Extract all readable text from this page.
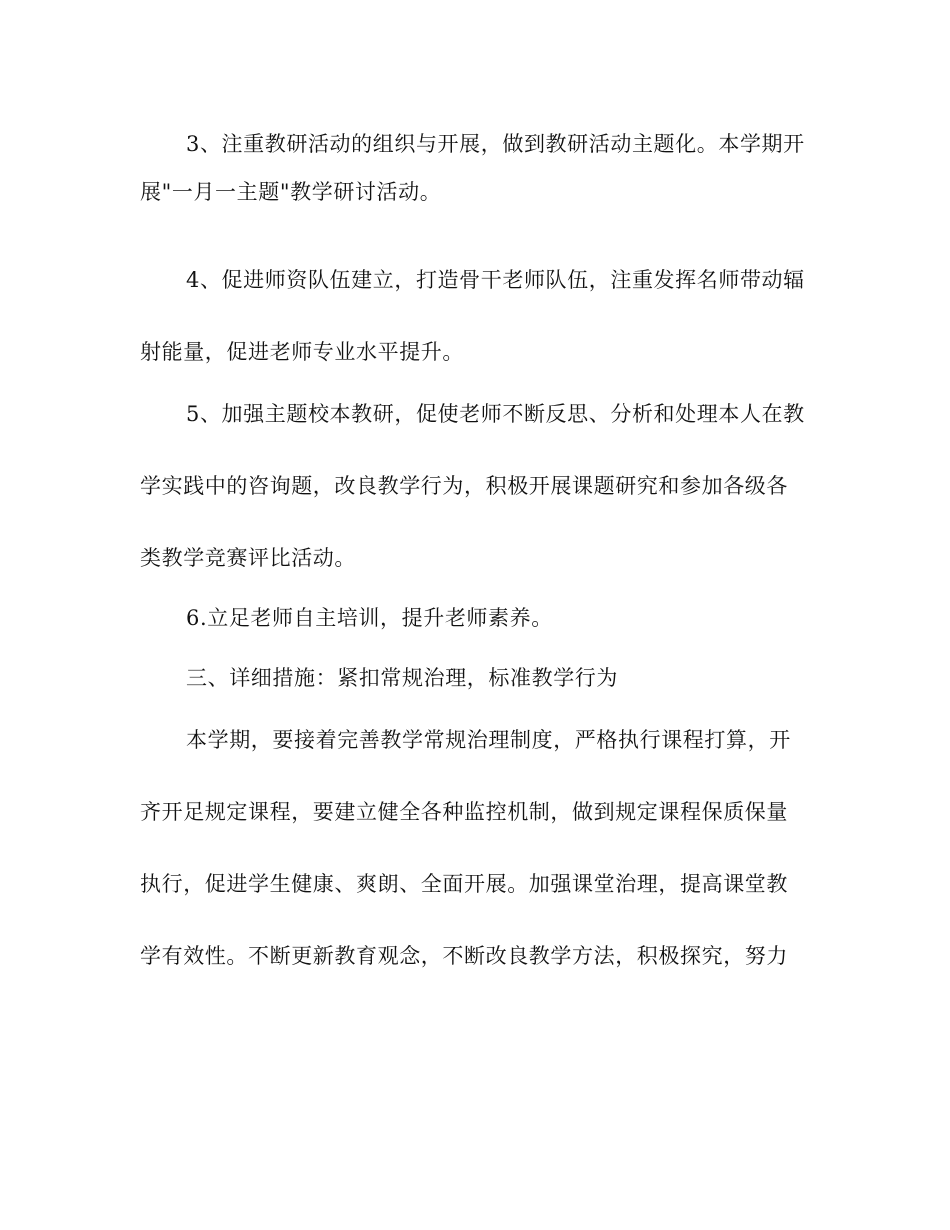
3、注重教研活动的组织与开展，做到教研活动主题化。本学期开
展"一月一主题"教学研讨活动。
4、促进师资队伍建立，打造骨干老师队伍，注重发挥名师带动辐
射能量，促进老师专业水平提升。
5、加强主题校本教研，促使老师不断反思、分析和处理本人在教
学实践中的咨询题，改良教学行为，积极开展课题研究和参加各级各
类教学竞赛评比活动。
6.立足老师自主培训，提升老师素养。
三、详细措施：紧扣常规治理，标准教学行为
本学期，要接着完善教学常规治理制度，严格执行课程打算，开
齐开足规定课程，要建立健全各种监控机制，做到规定课程保质保量
执行，促进学生健康、爽朗、全面开展。加强课堂治理，提高课堂教
学有效性。不断更新教育观念，不断改良教学方法，积极探究，努力
